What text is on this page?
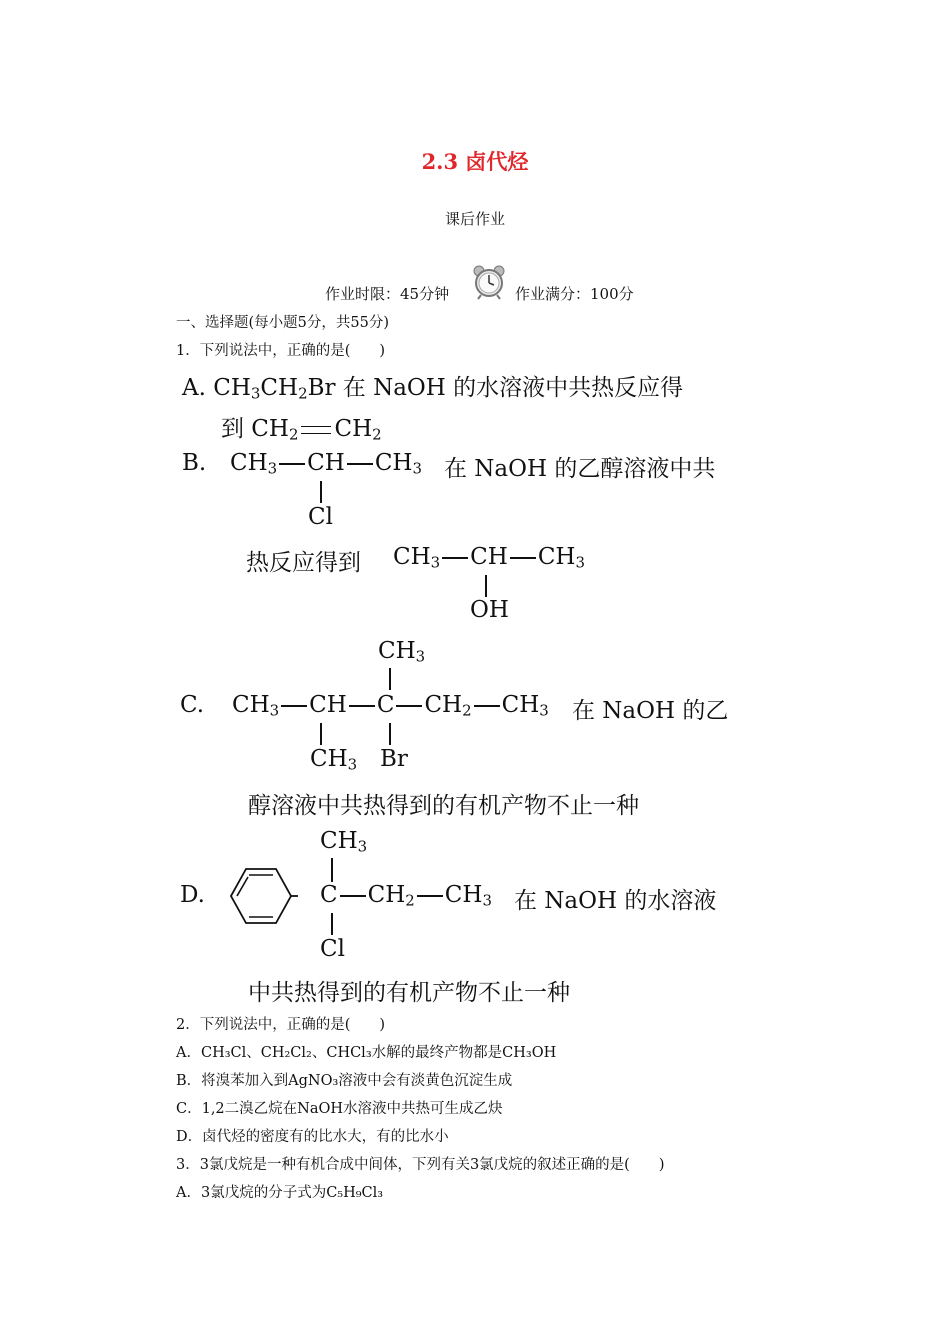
2.3 卤代烃
课后作业
作业时限：45分钟	作业满分：100分
一、选择题(每小题5分，共55分)
1．下列说法中，正确的是(　　)
A. $CH_3CH_2Br$ 在 NaOH 的水溶液中共热反应得
到 $CH_2$ $CH_2$
B. $CH_3$ CH $CH_3$
Cl
在 NaOH 的乙醇溶液中共
热反应得到 $CH_3$ CH $CH_3$
OH
$CH_3$
C. $CH_3$ CH C $CH_2$ $CH_3$
$CH_3$ Br
在 NaOH 的乙
醇溶液中共热得到的有机产物不止一种
$CH_3$
D.	C $CH_2$ $CH_3$
Cl
在 NaOH 的水溶液
中共热得到的有机产物不止一种
2．下列说法中，正确的是(　　)
A．CH₃Cl、CH₂Cl₂、CHCl₃水解的最终产物都是CH₃OH
B．将溴苯加入到AgNO₃溶液中会有淡黄色沉淀生成
C．1,2二溴乙烷在NaOH水溶液中共热可生成乙炔
D．卤代烃的密度有的比水大，有的比水小
3．3氯戊烷是一种有机合成中间体，下列有关3氯戊烷的叙述正确的是(　　)
A．3氯戊烷的分子式为C₅H₉Cl₃
